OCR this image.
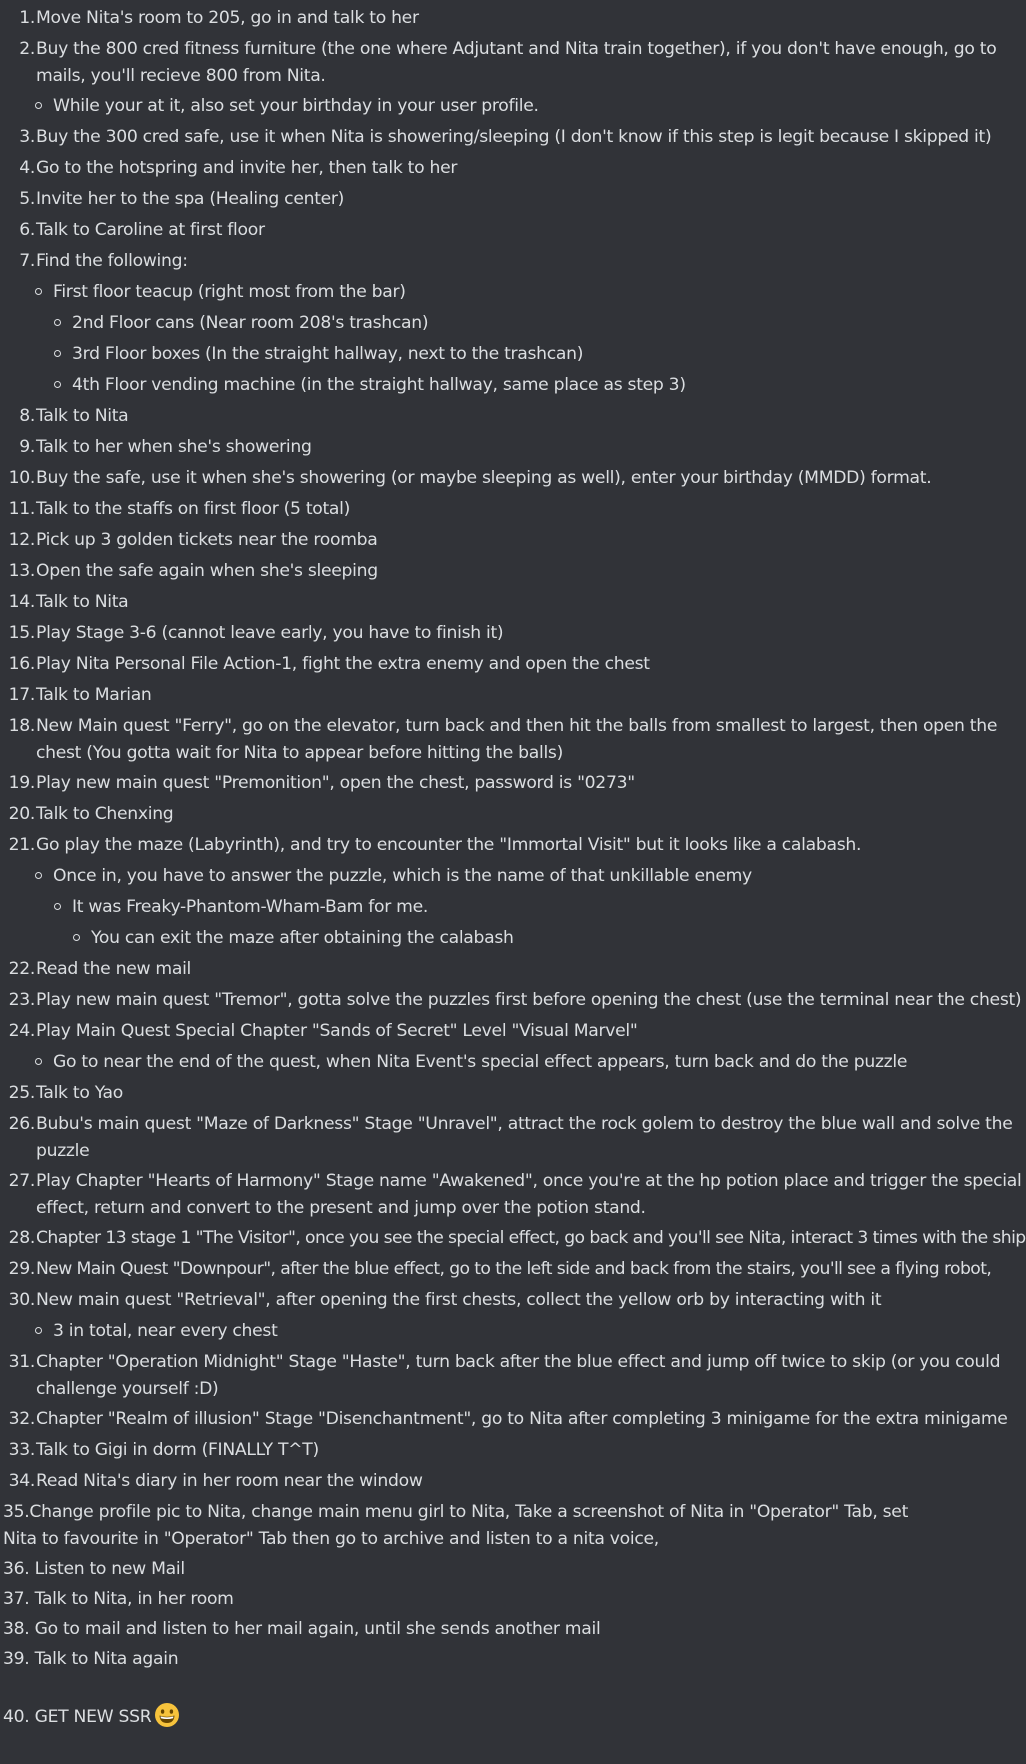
1. Move Nita's room to 205, go in and talk to her
2. Buy the 800 cred fitness furniture (the one where Adjutant and Nita train together), if you don't have enough, go to mails, you'll recieve 800 from Nita.
While your at it, also set your birthday in your user profile.
3. Buy the 300 cred safe, use it when Nita is showering/sleeping (I don't know if this step is legit because I skipped it)
4. Go to the hotspring and invite her, then talk to her
5. Invite her to the spa (Healing center)
6. Talk to Caroline at first floor
7. Find the following:
First floor teacup (right most from the bar)
2nd Floor cans (Near room 208's trashcan)
3rd Floor boxes (In the straight hallway, next to the trashcan)
4th Floor vending machine (in the straight hallway, same place as step 3)
8. Talk to Nita
9. Talk to her when she's showering
10. Buy the safe, use it when she's showering (or maybe sleeping as well), enter your birthday (MMDD) format.
11. Talk to the staffs on first floor (5 total)
12. Pick up 3 golden tickets near the roomba
13. Open the safe again when she's sleeping
14. Talk to Nita
15. Play Stage 3-6 (cannot leave early, you have to finish it)
16. Play Nita Personal File Action-1, fight the extra enemy and open the chest
17. Talk to Marian
18. New Main quest "Ferry", go on the elevator, turn back and then hit the balls from smallest to largest, then open the chest (You gotta wait for Nita to appear before hitting the balls)
19. Play new main quest "Premonition", open the chest, password is "0273"
20. Talk to Chenxing
21. Go play the maze (Labyrinth), and try to encounter the "Immortal Visit" but it looks like a calabash.
Once in, you have to answer the puzzle, which is the name of that unkillable enemy
It was Freaky-Phantom-Wham-Bam for me.
You can exit the maze after obtaining the calabash
22. Read the new mail
23. Play new main quest "Tremor", gotta solve the puzzles first before opening the chest (use the terminal near the chest)
24. Play Main Quest Special Chapter "Sands of Secret" Level "Visual Marvel"
Go to near the end of the quest, when Nita Event's special effect appears, turn back and do the puzzle
25. Talk to Yao
26. Bubu's main quest "Maze of Darkness" Stage "Unravel", attract the rock golem to destroy the blue wall and solve the puzzle
27. Play Chapter "Hearts of Harmony" Stage name "Awakened", once you're at the hp potion place and trigger the special effect, return and convert to the present and jump over the potion stand.
28. Chapter 13 stage 1 "The Visitor", once you see the special effect, go back and you'll see Nita, interact 3 times with the ship
29. New Main Quest "Downpour", after the blue effect, go to the left side and back from the stairs, you'll see a flying robot,
30. New main quest "Retrieval", after opening the first chests, collect the yellow orb by interacting with it
3 in total, near every chest
31. Chapter "Operation Midnight" Stage "Haste", turn back after the blue effect and jump off twice to skip (or you could challenge yourself :D)
32. Chapter "Realm of illusion" Stage "Disenchantment", go to Nita after completing 3 minigame for the extra minigame
33. Talk to Gigi in dorm (FINALLY T^T)
34. Read Nita's diary in her room near the window
35.Change profile pic to Nita, change main menu girl to Nita, Take a screenshot of Nita in "Operator" Tab, set Nita to favourite in "Operator" Tab then go to archive and listen to a nita voice,
36. Listen to new Mail
37. Talk to Nita, in her room
38. Go to mail and listen to her mail again, until she sends another mail
39. Talk to Nita again
40. GET NEW SSR
